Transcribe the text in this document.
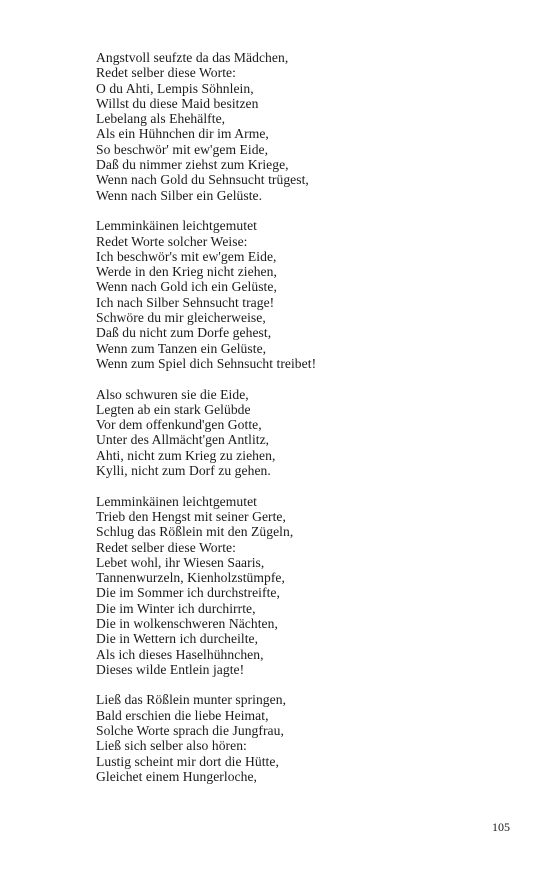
Angstvoll seufzte da das Mädchen,
Redet selber diese Worte:
O du Ahti, Lempis Söhnlein,
Willst du diese Maid besitzen
Lebelang als Ehehälfte,
Als ein Hühnchen dir im Arme,
So beschwör' mit ew'gem Eide,
Daß du nimmer ziehst zum Kriege,
Wenn nach Gold du Sehnsucht trügest,
Wenn nach Silber ein Gelüste.
Lemminkäinen leichtgemutet
Redet Worte solcher Weise:
Ich beschwör's mit ew'gem Eide,
Werde in den Krieg nicht ziehen,
Wenn nach Gold ich ein Gelüste,
Ich nach Silber Sehnsucht trage!
Schwöre du mir gleicherweise,
Daß du nicht zum Dorfe gehest,
Wenn zum Tanzen ein Gelüste,
Wenn zum Spiel dich Sehnsucht treibet!
Also schwuren sie die Eide,
Legten ab ein stark Gelübde
Vor dem offenkund'gen Gotte,
Unter des Allmächt'gen Antlitz,
Ahti, nicht zum Krieg zu ziehen,
Kylli, nicht zum Dorf zu gehen.
Lemminkäinen leichtgemutet
Trieb den Hengst mit seiner Gerte,
Schlug das Rößlein mit den Zügeln,
Redet selber diese Worte:
Lebet wohl, ihr Wiesen Saaris,
Tannenwurzeln, Kienholzstümpfe,
Die im Sommer ich durchstreifte,
Die im Winter ich durchirrte,
Die in wolkenschweren Nächten,
Die in Wettern ich durcheilte,
Als ich dieses Haselhühnchen,
Dieses wilde Entlein jagte!
Ließ das Rößlein munter springen,
Bald erschien die liebe Heimat,
Solche Worte sprach die Jungfrau,
Ließ sich selber also hören:
Lustig scheint mir dort die Hütte,
Gleichet einem Hungerloche,
105
